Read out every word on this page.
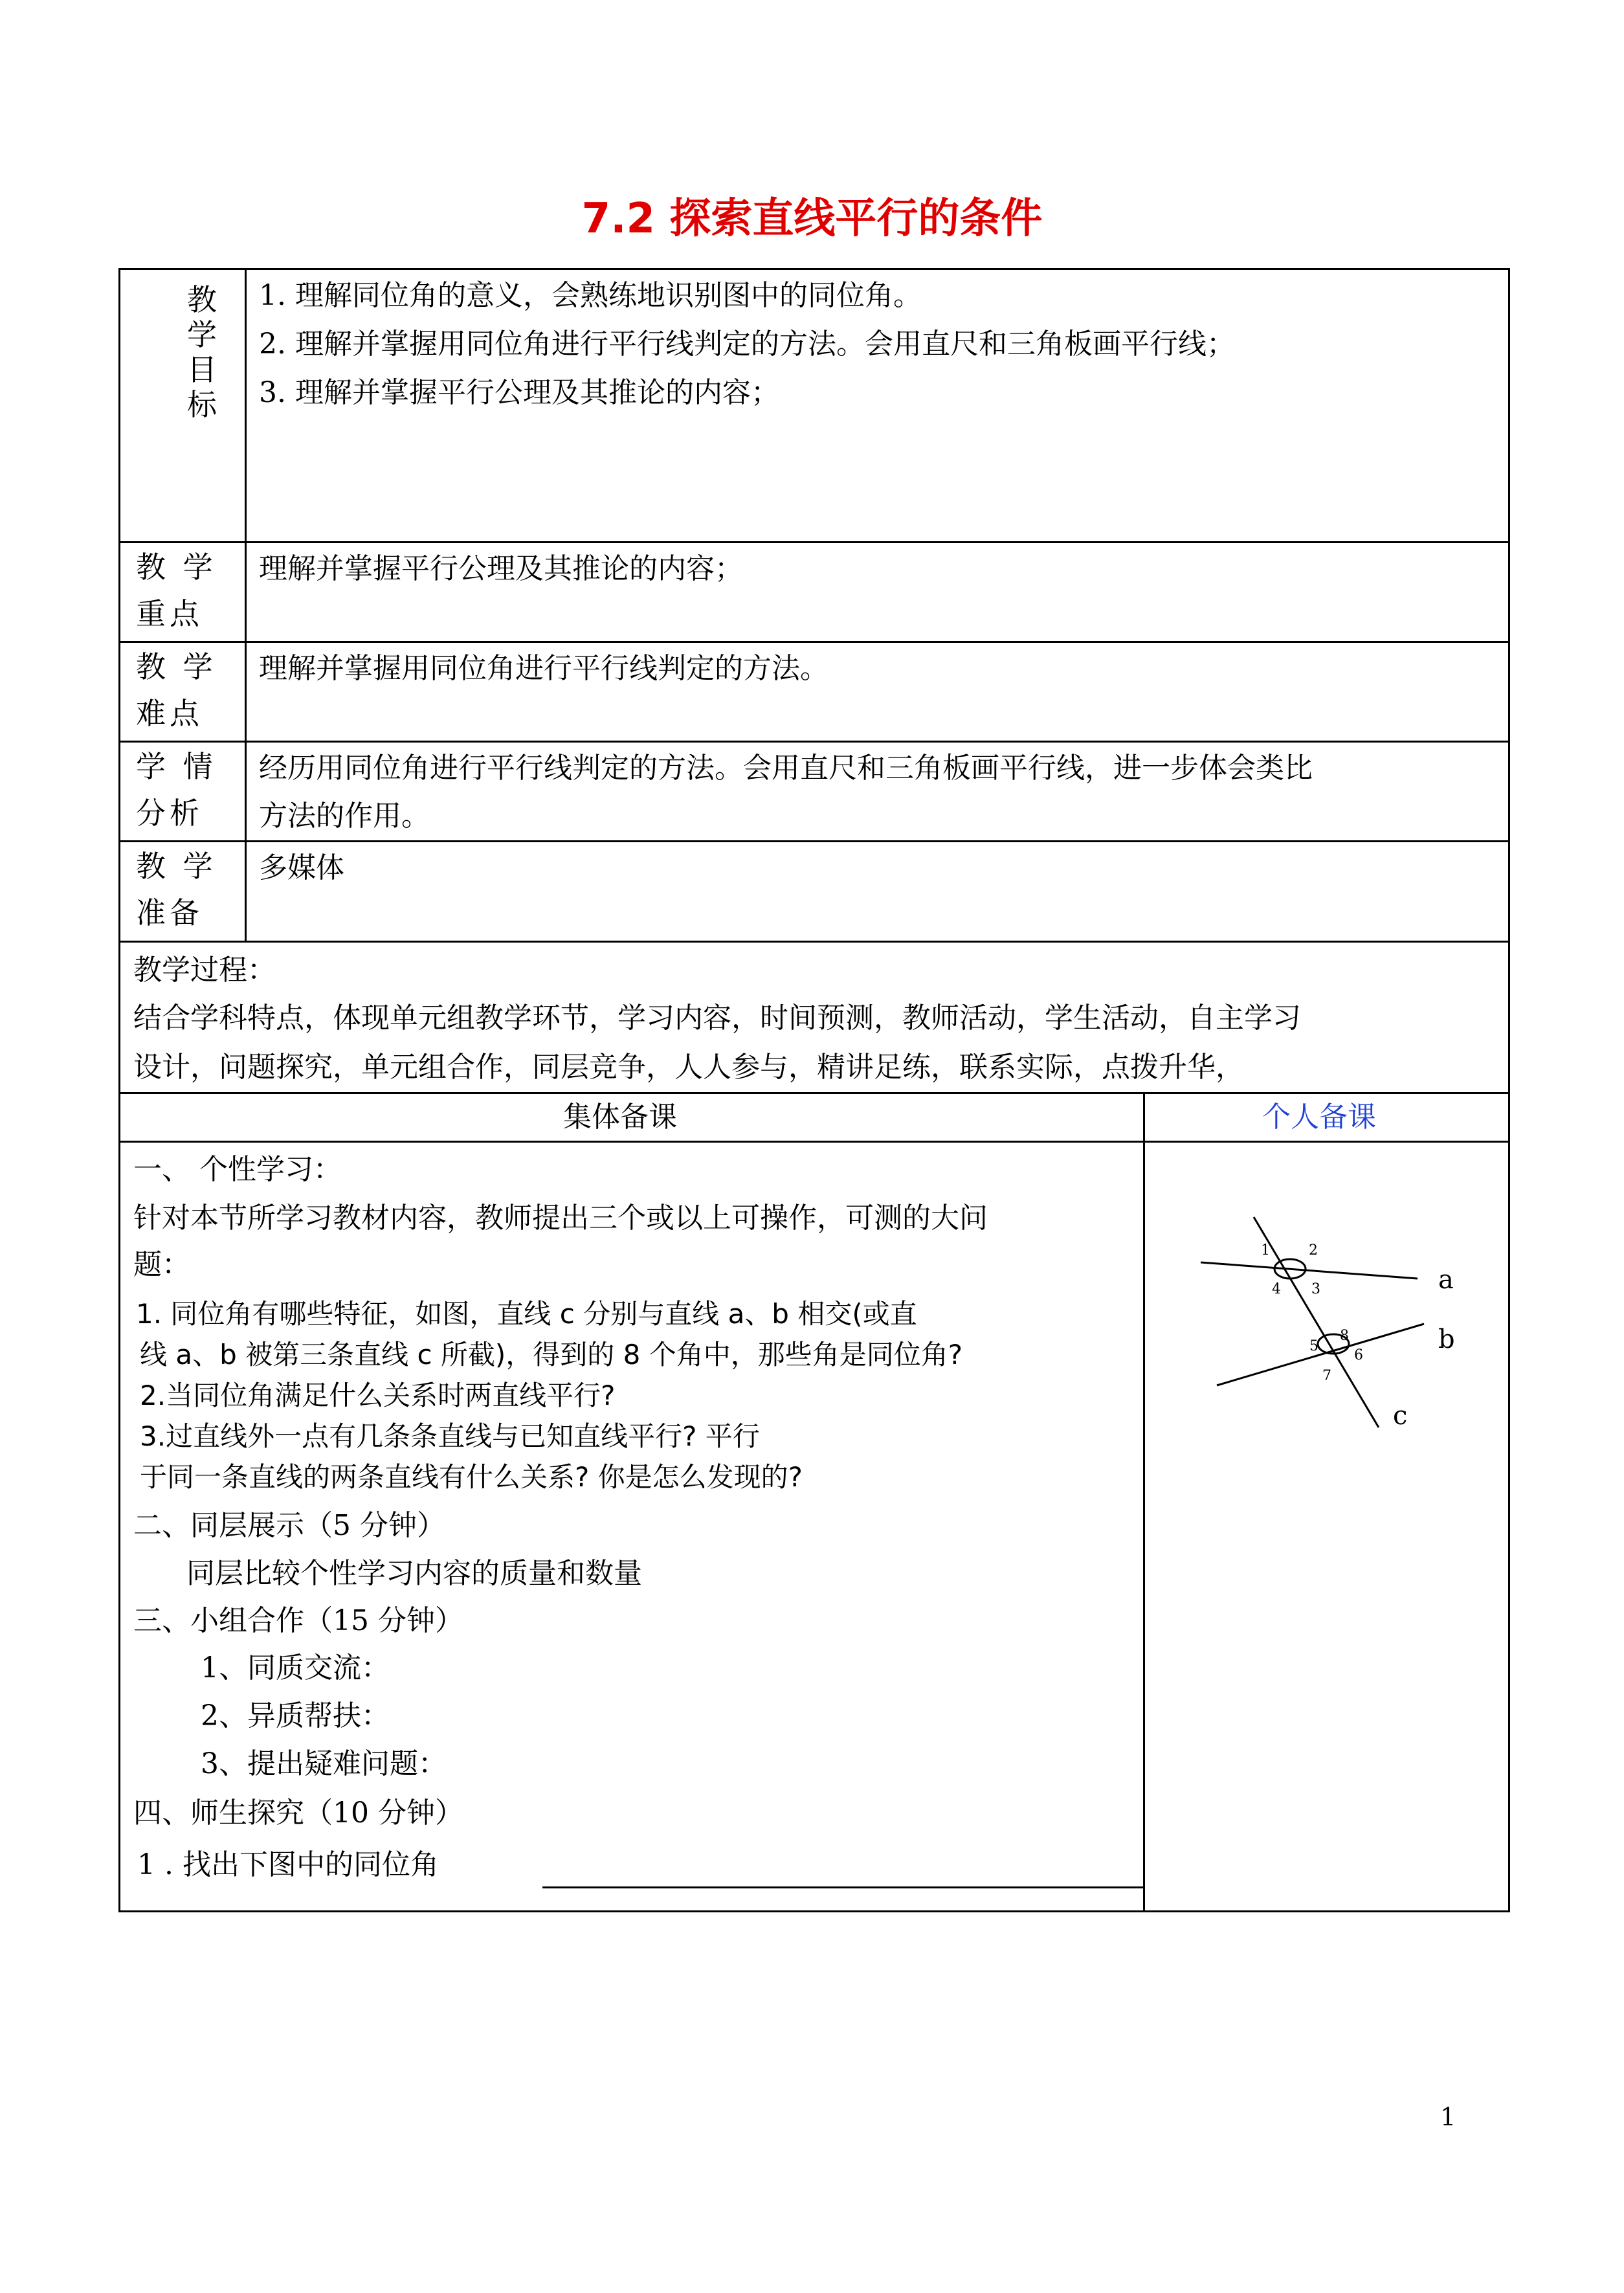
7.2 探索直线平行的条件
教
学
目
标
1. 理解同位角的意义，会熟练地识别图中的同位角。
2. 理解并掌握用同位角进行平行线判定的方法。会用直尺和三角板画平行线；
3. 理解并掌握平行公理及其推论的内容；
教 学
重点
理解并掌握平行公理及其推论的内容；
教 学
难点
理解并掌握用同位角进行平行线判定的方法。
学 情
分析
经历用同位角进行平行线判定的方法。会用直尺和三角板画平行线，进一步体会类比
方法的作用。
教 学
准备
多媒体
教学过程：
结合学科特点，体现单元组教学环节，学习内容，时间预测，教师活动，学生活动，自主学习
设计，问题探究，单元组合作，同层竞争，人人参与，精讲足练，联系实际，点拨升华，
集体备课	个人备课
一、 个性学习：
针对本节所学习教材内容，教师提出三个或以上可操作，可测的大问
题：
1. 同位角有哪些特征，如图，直线 c 分别与直线 a、b 相交(或直
线 a、b 被第三条直线 c 所截)，得到的 8 个角中，那些角是同位角?
2.当同位角满足什么关系时两直线平行?
3.过直线外一点有几条条直线与已知直线平行? 平行
于同一条直线的两条直线有什么关系? 你是怎么发现的?
二、同层展示（5 分钟）
同层比较个性学习内容的质量和数量
三、小组合作（15 分钟）
1、同质交流：
2、异质帮扶：
3、提出疑难问题：
四、师生探究（10 分钟）
1 . 找出下图中的同位角
1	2
3
4
5
6
7
8
a
b
c
1
